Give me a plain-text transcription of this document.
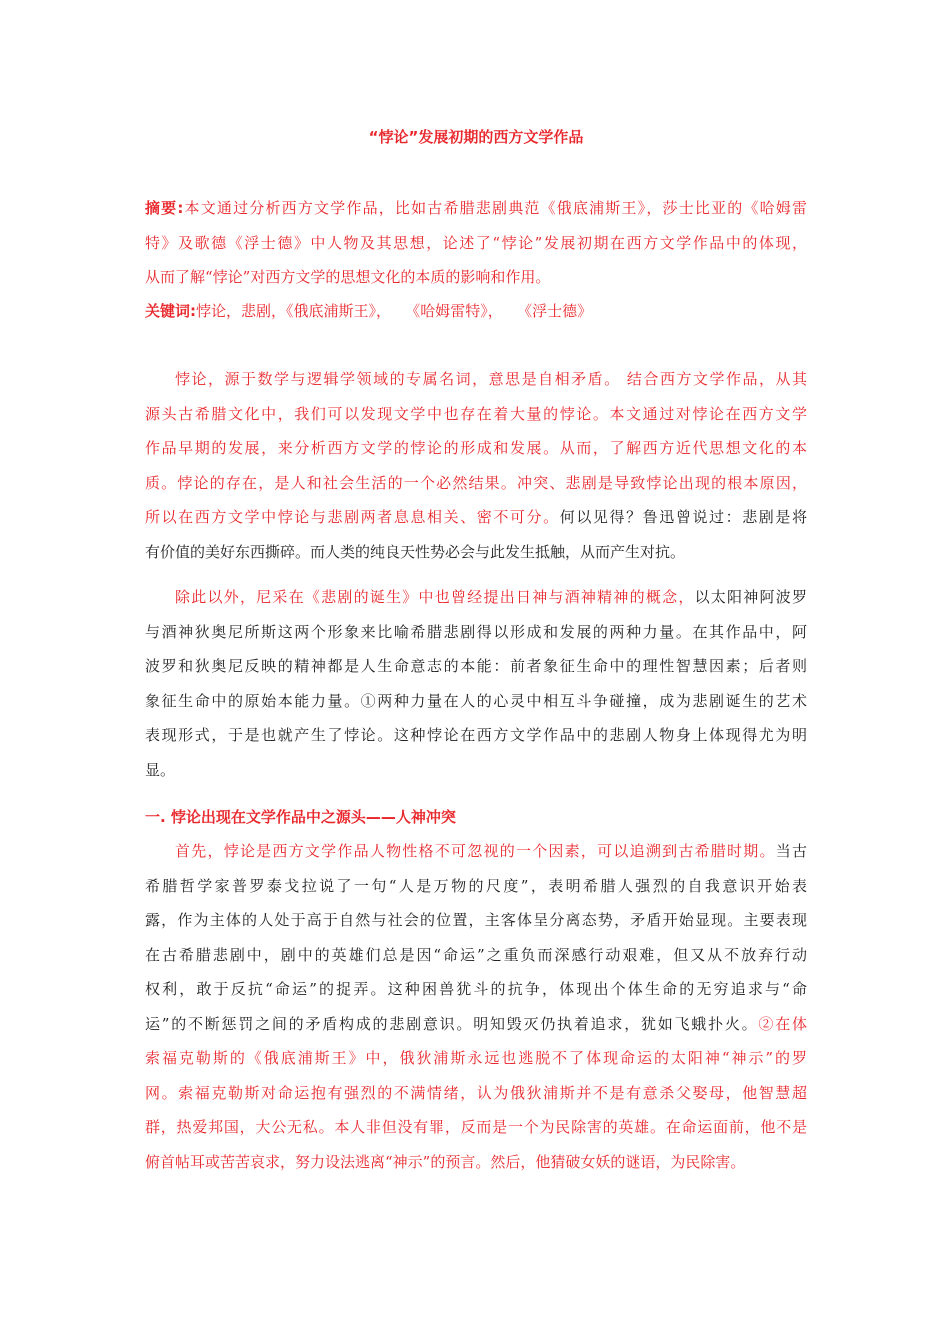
“悖论”发展初期的西方文学作品
摘要:本文通过分析西方文学作品，比如古希腊悲剧典范《俄底浦斯王》，莎士比亚的《哈姆雷
特》及歌德《浮士德》中人物及其思想，论述了“悖论”发展初期在西方文学作品中的体现，
从而了解“悖论”对西方文学的思想文化的本质的影响和作用。
关键词:悖论，悲剧，《俄底浦斯王》，   《哈姆雷特》，   《浮士德》
悖论，源于数学与逻辑学领域的专属名词，意思是自相矛盾。 结合西方文学作品，从其
源头古希腊文化中，我们可以发现文学中也存在着大量的悖论。本文通过对悖论在西方文学
作品早期的发展，来分析西方文学的悖论的形成和发展。从而，了解西方近代思想文化的本
质。悖论的存在，是人和社会生活的一个必然结果。冲突、悲剧是导致悖论出现的根本原因，
所以在西方文学中悖论与悲剧两者息息相关、密不可分。何以见得？鲁迅曾说过：悲剧是将
有价值的美好东西撕碎。而人类的纯良天性势必会与此发生抵触，从而产生对抗。
除此以外，尼采在《悲剧的诞生》中也曾经提出日神与酒神精神的概念，以太阳神阿波罗
与酒神狄奥尼所斯这两个形象来比喻希腊悲剧得以形成和发展的两种力量。在其作品中，阿
波罗和狄奥尼反映的精神都是人生命意志的本能：前者象征生命中的理性智慧因素；后者则
象征生命中的原始本能力量。①两种力量在人的心灵中相互斗争碰撞，成为悲剧诞生的艺术
表现形式，于是也就产生了悖论。这种悖论在西方文学作品中的悲剧人物身上体现得尤为明
显。
一. 悖论出现在文学作品中之源头——人神冲突
首先，悖论是西方文学作品人物性格不可忽视的一个因素，可以追溯到古希腊时期。当古
希腊哲学家普罗泰戈拉说了一句“人是万物的尺度”，表明希腊人强烈的自我意识开始表
露，作为主体的人处于高于自然与社会的位置，主客体呈分离态势，矛盾开始显现。主要表现
在古希腊悲剧中，剧中的英雄们总是因“命运”之重负而深感行动艰难，但又从不放弃行动
权利，敢于反抗“命运”的捉弄。这种困兽犹斗的抗争，体现出个体生命的无穷追求与“命
运”的不断惩罚之间的矛盾构成的悲剧意识。明知毁灭仍执着追求，犹如飞蛾扑火。②在体
索福克勒斯的《俄底浦斯王》中，俄狄浦斯永远也逃脱不了体现命运的太阳神“神示”的罗
网。索福克勒斯对命运抱有强烈的不满情绪，认为俄狄浦斯并不是有意杀父娶母，他智慧超
群，热爱邦国，大公无私。本人非但没有罪，反而是一个为民除害的英雄。在命运面前，他不是
俯首帖耳或苦苦哀求，努力设法逃离“神示”的预言。然后，他猜破女妖的谜语，为民除害。
